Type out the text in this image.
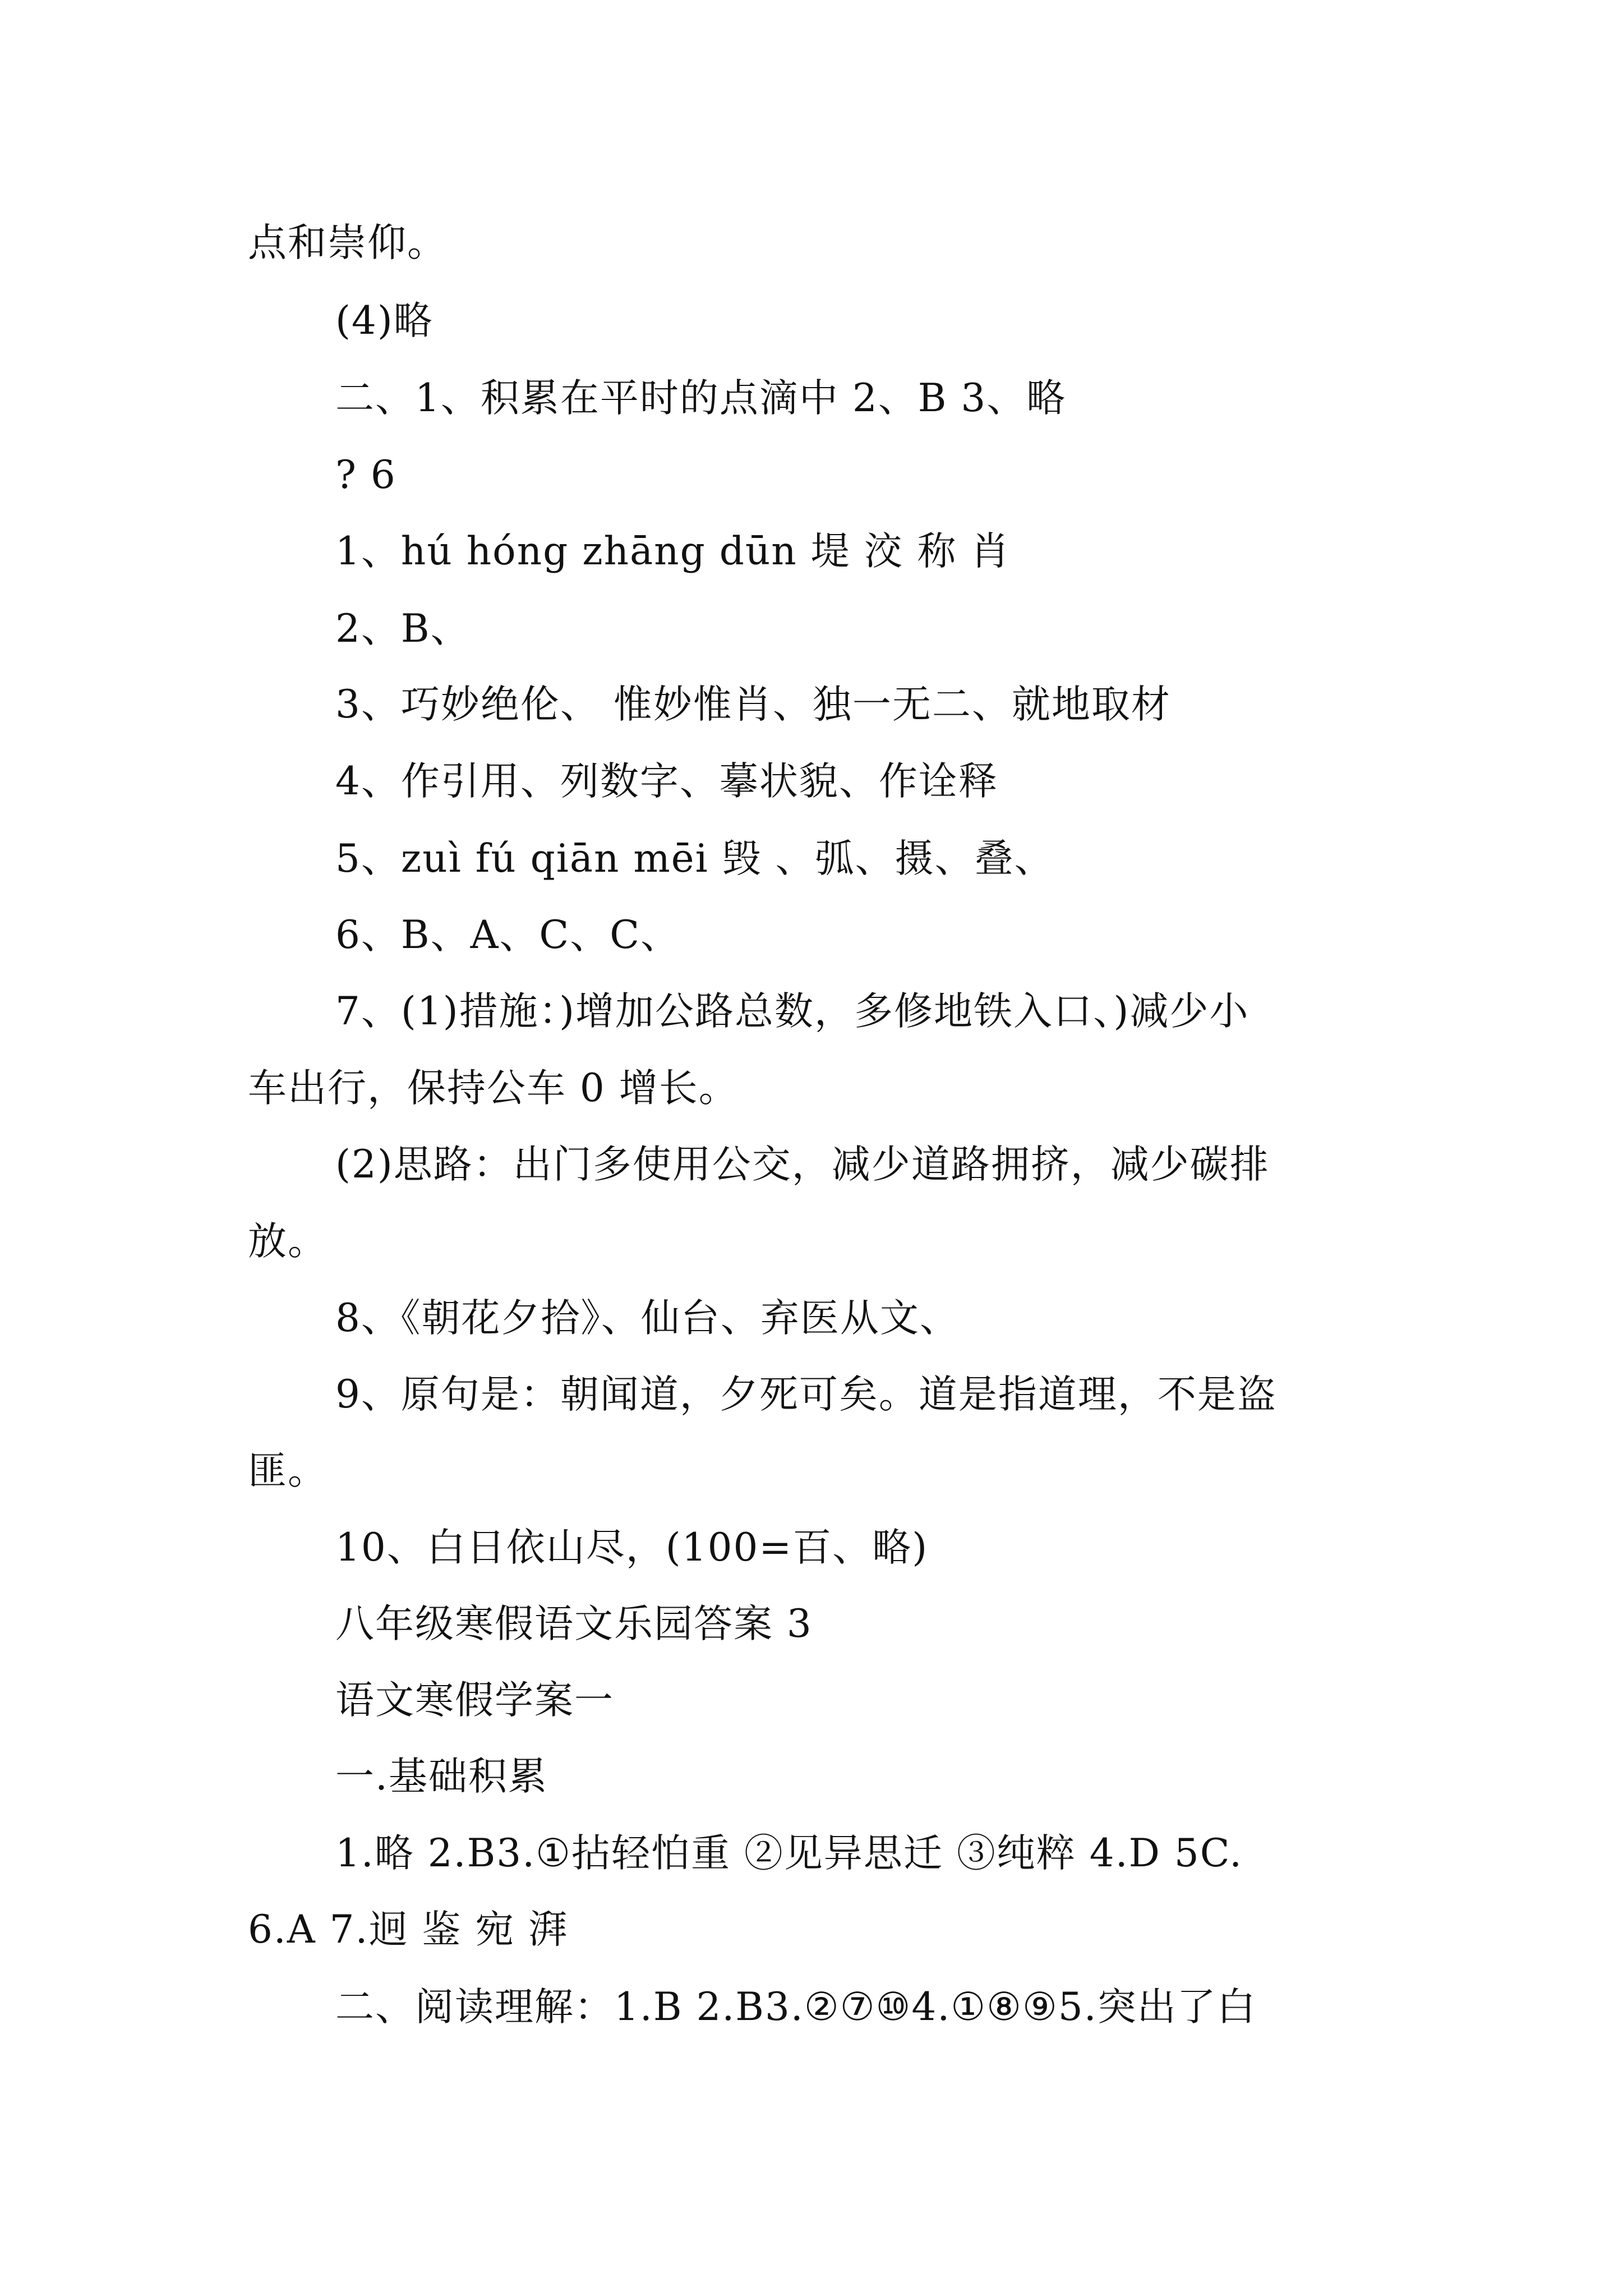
点和崇仰。

(4)略

二、1、积累在平时的点滴中 2、B 3、略

? 6

1、hú hóng zhāng dūn 堤 洨 称 肖

2、B、

3、巧妙绝伦、 惟妙惟肖、独一无二、就地取材

4、作引用、列数字、摹状貌、作诠释

5、zuì fú qiān mēi 毁 、弧、摄、叠、

6、B、A、C、C、

7、(1)措施：)增加公路总数，多修地铁入口、)减少小

车出行，保持公车 0 增长。

(2)思路：出门多使用公交，减少道路拥挤，减少碳排

放。

8、《朝花夕拾》、仙台、弃医从文、

9、原句是：朝闻道，夕死可矣。道是指道理，不是盗

匪。

10、白日依山尽，(100=百、略)

八年级寒假语文乐园答案 3

语文寒假学案一

一.基础积累

1.略 2.B3.①拈轻怕重 ②见异思迁 ③纯粹 4.D 5C.

6.A 7.迥 鉴 宛 湃

二、阅读理解：1.B 2.B3.②⑦⑩4.①⑧⑨5.突出了白
